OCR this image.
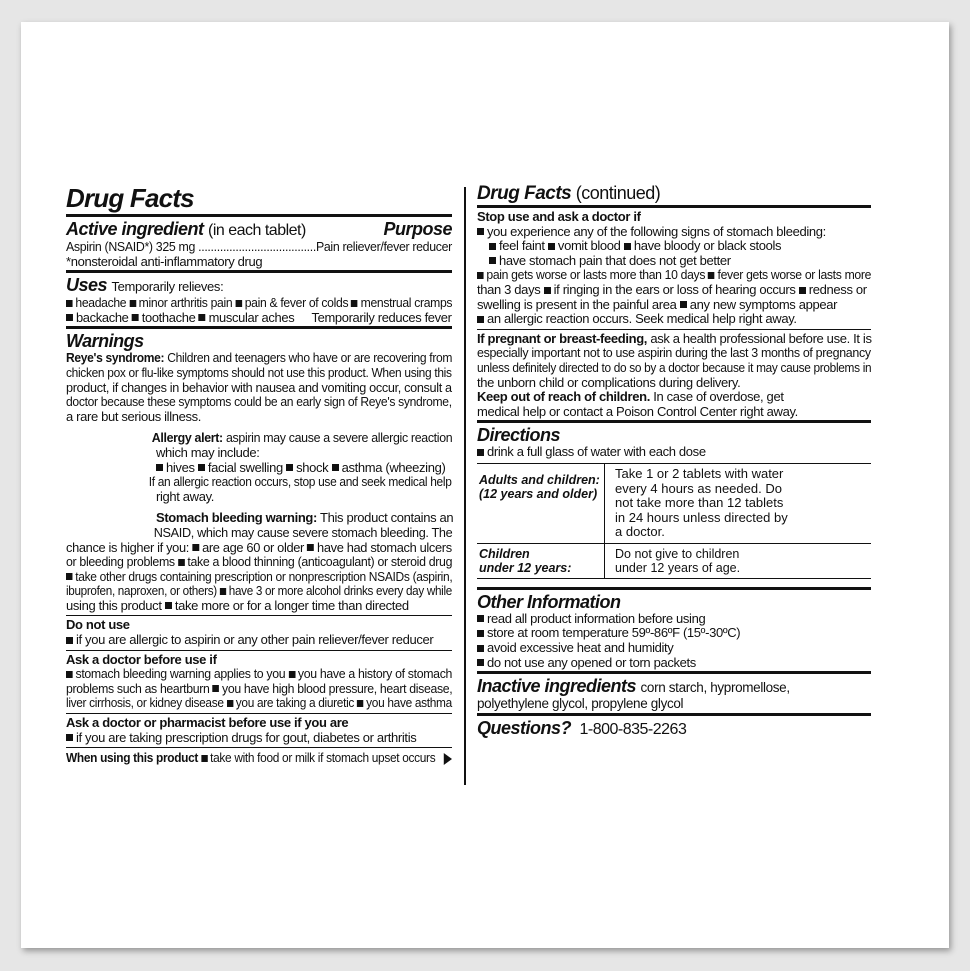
Drug Facts
Active ingredient (in each tablet)	Purpose
Aspirin (NSAID*) 325 mg ......................................Pain reliever/fever reducer
*nonsteroidal anti-inflammatory drug
Uses Temporarily relieves:
headache minor arthritis pain pain & fever of colds menstrual cramps
backache toothache muscular aches Temporarily reduces fever
Warnings
Reye's syndrome: Children and teenagers who have or are recovering from
chicken pox or flu-like symptoms should not use this product. When using this
product, if changes in behavior with nausea and vomiting occur, consult a
doctor because these symptoms could be an early sign of Reye's syndrome,
a rare but serious illness.
Allergy alert: aspirin may cause a severe allergic reaction
which may include:
hives facial swelling shock asthma (wheezing)
If an allergic reaction occurs, stop use and seek medical help
right away.
Stomach bleeding warning: This product contains an
NSAID, which may cause severe stomach bleeding. The
chance is higher if you: are age 60 or older have had stomach ulcers
or bleeding problems take a blood thinning (anticoagulant) or steroid drug
take other drugs containing prescription or nonprescription NSAIDs (aspirin,
ibuprofen, naproxen, or others) have 3 or more alcohol drinks every day while
using this product take more or for a longer time than directed
Do not use
if you are allergic to aspirin or any other pain reliever/fever reducer
Ask a doctor before use if
stomach bleeding warning applies to you you have a history of stomach
problems such as heartburn you have high blood pressure, heart disease,
liver cirrhosis, or kidney disease you are taking a diuretic you have asthma
Ask a doctor or pharmacist before use if you are
if you are taking prescription drugs for gout, diabetes or arthritis
When using this product take with food or milk if stomach upset occurs
Drug Facts (continued)
Stop use and ask a doctor if
you experience any of the following signs of stomach bleeding:
feel faint vomit blood have bloody or black stools
have stomach pain that does not get better
pain gets worse or lasts more than 10 days fever gets worse or lasts more
than 3 days if ringing in the ears or loss of hearing occurs redness or
swelling is present in the painful area any new symptoms appear
an allergic reaction occurs. Seek medical help right away.
If pregnant or breast-feeding, ask a health professional before use. It is
especially important not to use aspirin during the last 3 months of pregnancy
unless definitely directed to do so by a doctor because it may cause problems in
the unborn child or complications during delivery.
Keep out of reach of children. In case of overdose, get
medical help or contact a Poison Control Center right away.
Directions
drink a full glass of water with each dose
Adults and children:
(12 years and older)
Take 1 or 2 tablets with water
every 4 hours as needed. Do
not take more than 12 tablets
in 24 hours unless directed by
a doctor.
Children
under 12 years:
Do not give to children
under 12 years of age.
Other Information
read all product information before using
store at room temperature 59º-86ºF (15º-30ºC)
avoid excessive heat and humidity
do not use any opened or torn packets
Inactive ingredients corn starch, hypromellose,
polyethylene glycol, propylene glycol
Questions? 1-800-835-2263
